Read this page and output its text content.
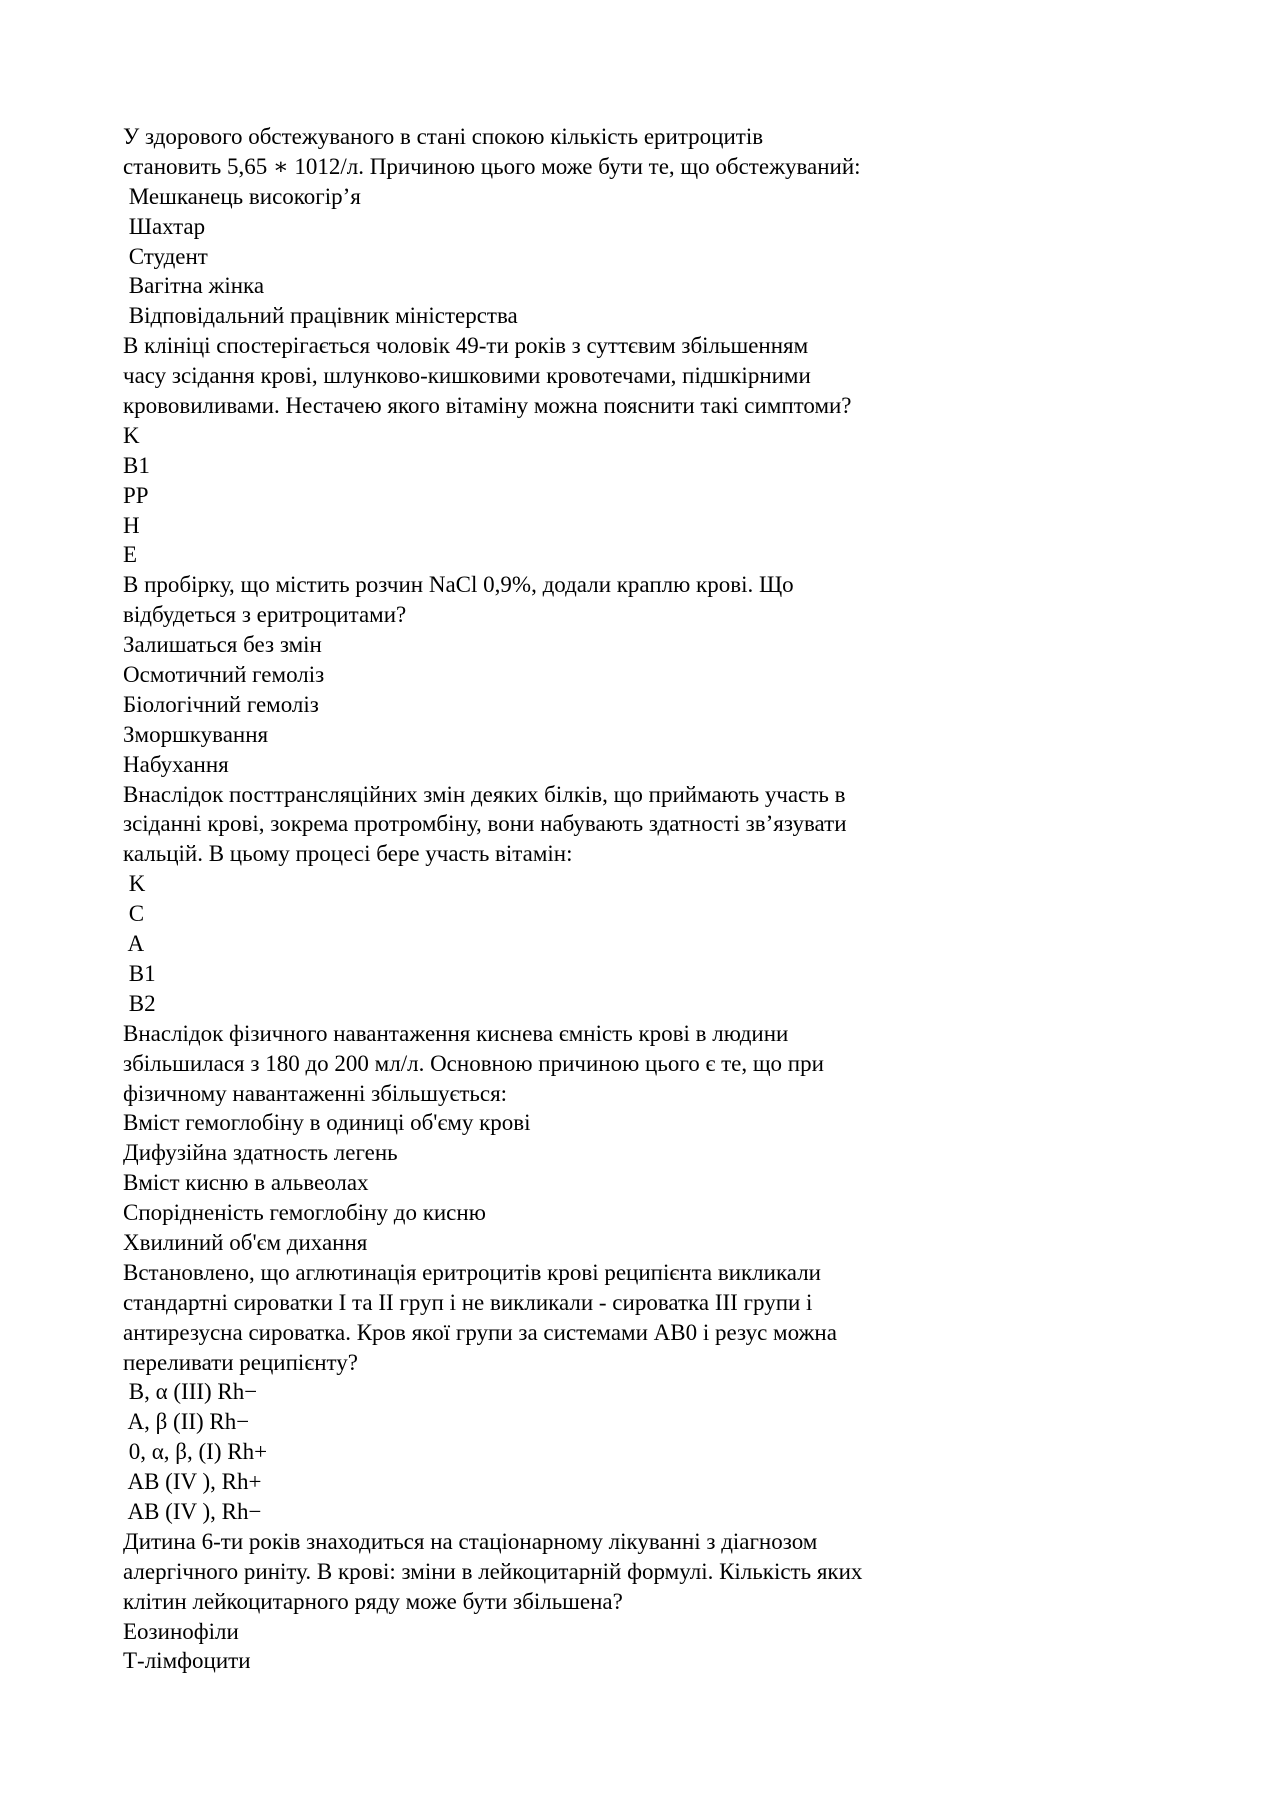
У здорового обстежуваного в стані спокою кількість еритроцитів

становить 5,65 ∗ 1012/л. Причиною цього може бути те, що обстежуваний:

Мешканець високогір’я

Шахтар

Студент

Вагітна жінка

Відповідальний працівник міністерства

В клініці спостерігається чоловік 49-ти років з суттєвим збільшенням

часу зсідання крові, шлунково-кишковими кровотечами, підшкірними

крововиливами. Нестачею якого вітаміну можна пояснити такі симптоми?

K

B1

PP

H

E

В пробірку, що містить розчин NaCl 0,9%, додали краплю крові. Що

відбудеться з еритроцитами?

Залишаться без змін

Осмотичний гемоліз

Біологічний гемоліз

Зморшкування

Набухання

Внаслідок посттрансляційних змін деяких білків, що приймають участь в

зсіданні крові, зокрема протромбіну, вони набувають здатності зв’язувати

кальцій. В цьому процесі бере участь вітамін:

K

C

A

B1

B2

Внаслідок фізичного навантаження киснева ємність крові в людини

збільшилася з 180 до 200 мл/л. Основною причиною цього є те, що при

фізичному навантаженні збільшується:

Вміст гемоглобіну в одиниці об'єму крові

Дифузійна здатность легень

Вміст кисню в альвеолах

Спорідненість гемоглобіну до кисню

Хвилиний об'єм дихання

Встановлено, що аглютинація еритроцитів крові реципієнта викликали

стандартні сироватки I та II груп і не викликали - сироватка III групи і

антирезусна сироватка. Кров якої групи за системами AB0 і резус можна

переливати реципієнту?

B, α (III) Rh−

A, β (II) Rh−

0, α, β, (I) Rh+

AB (IV ), Rh+

AB (IV ), Rh−

Дитина 6-ти років знаходиться на стаціонарному лікуванні з діагнозом

алергічного риніту. В крові: зміни в лейкоцитарній формулі. Кількість яких

клітин лейкоцитарного ряду може бути збільшена?

Еозинофіли

Т-лімфоцити
